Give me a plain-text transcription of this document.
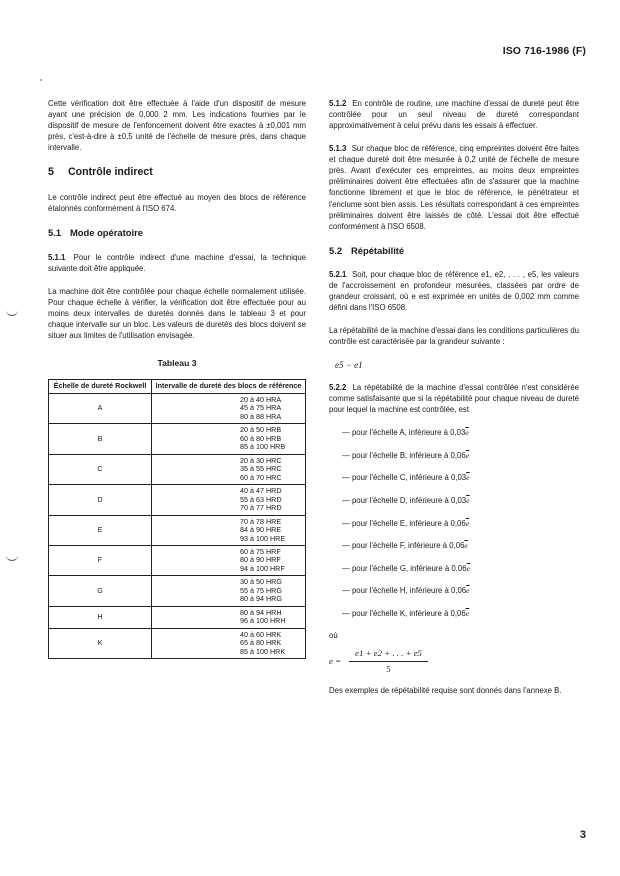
ISO 716-1986 (F)

Cette vérification doit être effectuée à l'aide d'un dispositif de mesure ayant une précision de 0,000 2 mm. Les indications fournies par le dispositif de mesure de l'enfoncement doivent être exactes à ±0,001 mm près, c'est-à-dire à ±0,5 unité de l'échelle de mesure près, dans chaque intervalle.

5 Contrôle indirect

Le contrôle indirect peut être effectué au moyen des blocs de référence étalonnés conformément à l'ISO 674.

5.1 Mode opératoire

5.1.1 Pour le contrôle indirect d'une machine d'essai, la technique suivante doit être appliquée.

La machine doit être contrôlée pour chaque échelle normalement utilisée. Pour chaque échelle à vérifier, la vérification doit être effectuée pour au moins deux intervalles de duretés donnés dans le tableau 3 et pour chaque intervalle sur un bloc. Les valeurs de duretés des blocs doivent se situer aux limites de l'utilisation envisagée.

Tableau 3
Échelle de dureté Rockwell	Intervalle de dureté des blocs de référence
A	20 à 40 HRA
45 à 75 HRA
80 à 88 HRA

B	20 à 50 HRB
60 à 80 HRB
85 à 100 HRB

C	20 à 30 HRC
35 à 55 HRC
60 à 70 HRC

D	40 à 47 HRD
55 à 63 HRD
70 à 77 HRD

E	70 à 78 HRE
84 à 90 HRE
93 à 100 HRE

F	60 à 75 HRF
80 à 90 HRF
94 à 100 HRF

G	30 à 50 HRG
55 à 75 HRG
80 à 94 HRG

H	80 à 94 HRH
96 à 100 HRH

K	40 à 60 HRK
65 à 80 HRK
85 à 100 HRK

5.1.2 En contrôle de routine, une machine d'essai de dureté peut être contrôlée pour un seul niveau de dureté correspondant approximativement à celui prévu dans les essais à effectuer.

5.1.3 Sur chaque bloc de référence, cinq empreintes doivent être faites et chaque dureté doit être mesurée à 0,2 unité de l'échelle de mesure près. Avant d'exécuter ces empreintes, au moins deux empreintes préliminaires doivent être effectuées afin de s'assurer que la machine fonctionne librement et que le bloc de référence, le pénétrateur et l'enclume sont bien assis. Les résultats correspondant à ces empreintes préliminaires doivent être laissés de côté. L'essai doit être effectué conformément à l'ISO 6508.

5.2 Répétabilité

5.2.1 Soit, pour chaque bloc de référence e1, e2, . . . , e5, les valeurs de l'accroissement en profondeur mesurées, classées par ordre de grandeur croissant, où e est exprimée en unités de 0,002 mm comme défini dans l'ISO 6508.

La répétabilité de la machine d'essai dans les conditions particulières du contrôle est caractérisée par la grandeur suivante :

e5 − e1

5.2.2 La répétabilité de la machine d'essai contrôlée n'est considérée comme satisfaisante que si la répétabilité pour chaque niveau de dureté pour lequel la machine est contrôlée, est

— pour l'échelle A, inférieure à $0,03\overline{e}$
— pour l'échelle B, inférieure à $0,06\overline{e}$
— pour l'échelle C, inférieure à $0,03\overline{e}$
— pour l'échelle D, inférieure à $0,03\overline{e}$
— pour l'échelle E, inférieure à $0,06\overline{e}$
— pour l'échelle F, inférieure à $0,06\overline{e}$
— pour l'échelle G, inférieure à $0,06\overline{e}$
— pour l'échelle H, inférieure à $0,06\overline{e}$
— pour l'échelle K, inférieure à $0,06\overline{e}$
où
$e = \frac{e1 + e2 + . . . + e5}{5}$

Des exemples de répétabilité requise sont donnés dans l'annexe B.

3
